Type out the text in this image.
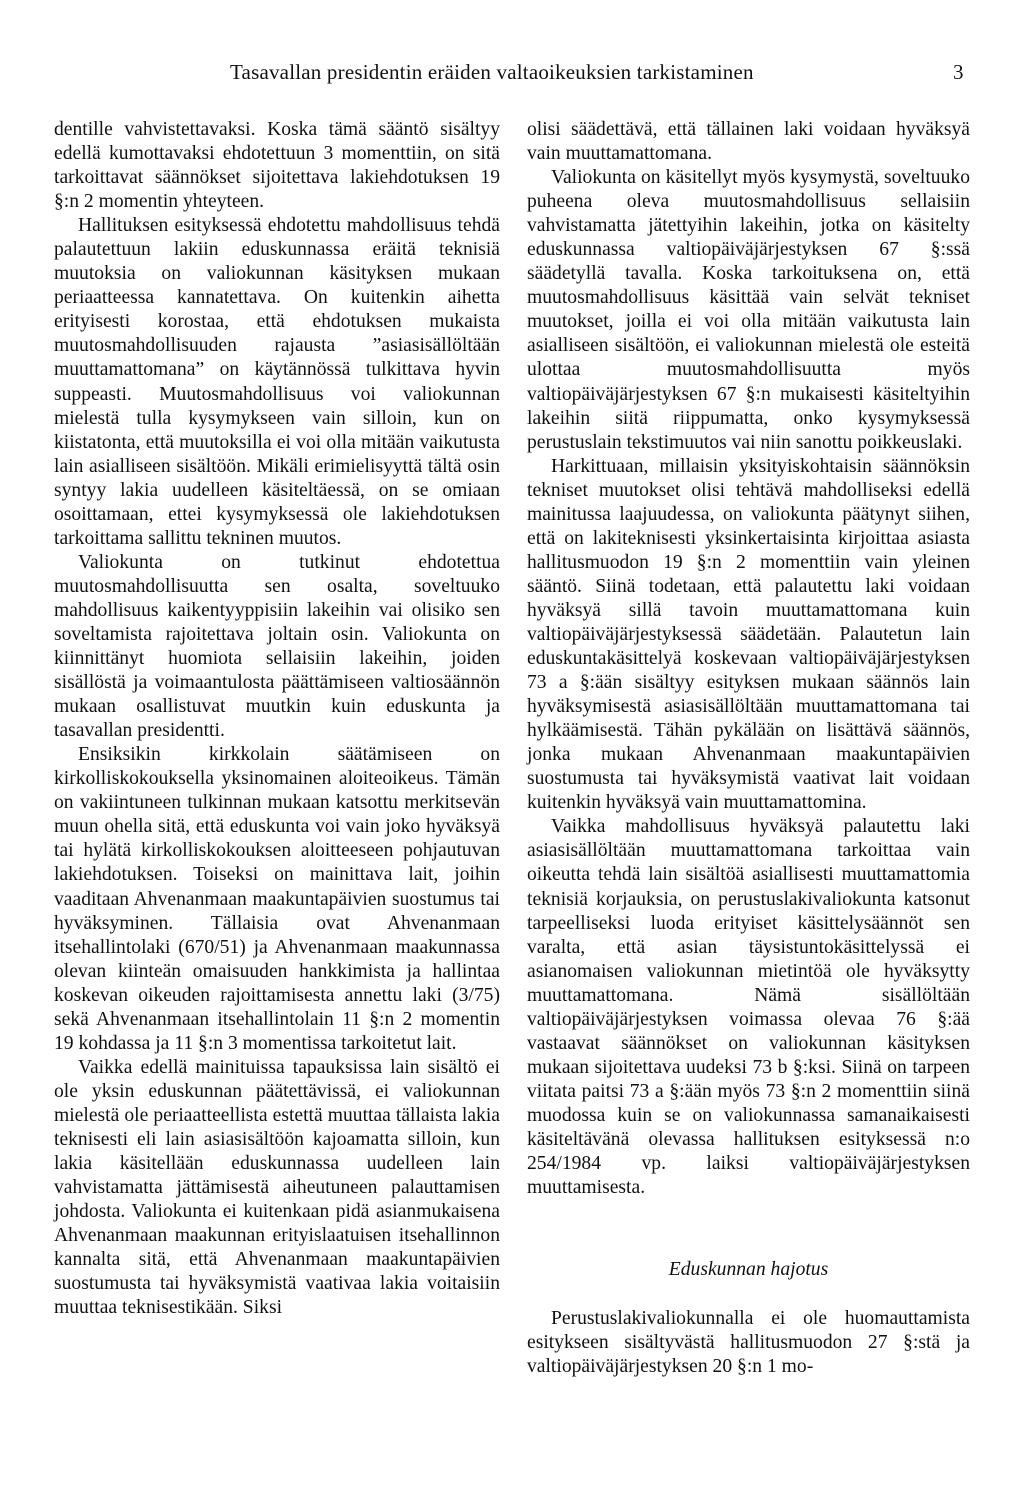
Tasavallan presidentin eräiden valtaoikeuksien tarkistaminen	3

dentille vahvistettavaksi. Koska tämä sääntö sisältyy edellä kumottavaksi ehdotettuun 3 momenttiin, on sitä tarkoittavat säännökset sijoitettava lakiehdotuksen 19 §:n 2 momentin yhteyteen.

Hallituksen esityksessä ehdotettu mahdollisuus tehdä palautettuun lakiin eduskunnassa eräitä teknisiä muutoksia on valiokunnan käsityksen mukaan periaatteessa kannatettava. On kuitenkin aihetta erityisesti korostaa, että ehdotuksen mukaista muutosmahdollisuuden rajausta ”asiasisällöltään muuttamattomana” on käytännössä tulkittava hyvin suppeasti. Muutosmahdollisuus voi valiokunnan mielestä tulla kysymykseen vain silloin, kun on kiistatonta, että muutoksilla ei voi olla mitään vaikutusta lain asialliseen sisältöön. Mikäli erimielisyyttä tältä osin syntyy lakia uudelleen käsiteltäessä, on se omiaan osoittamaan, ettei kysymyksessä ole lakiehdotuksen tarkoittama sallittu tekninen muutos.

Valiokunta on tutkinut ehdotettua muutosmahdollisuutta sen osalta, soveltuuko mahdollisuus kaikentyyppisiin lakeihin vai olisiko sen soveltamista rajoitettava joltain osin. Valiokunta on kiinnittänyt huomiota sellaisiin lakeihin, joiden sisällöstä ja voimaantulosta päättämiseen valtiosäännön mukaan osallistuvat muutkin kuin eduskunta ja tasavallan presidentti.

Ensiksikin kirkkolain säätämiseen on kirkolliskokouksella yksinomainen aloiteoikeus. Tämän on vakiintuneen tulkinnan mukaan katsottu merkitsevän muun ohella sitä, että eduskunta voi vain joko hyväksyä tai hylätä kirkolliskokouksen aloitteeseen pohjautuvan lakiehdotuksen. Toiseksi on mainittava lait, joihin vaaditaan Ahvenanmaan maakuntapäivien suostumus tai hyväksyminen. Tällaisia ovat Ahvenanmaan itsehallintolaki (670/51) ja Ahvenanmaan maakunnassa olevan kiinteän omaisuuden hankkimista ja hallintaa koskevan oikeuden rajoittamisesta annettu laki (3/75) sekä Ahvenanmaan itsehallintolain 11 §:n 2 momentin 19 kohdassa ja 11 §:n 3 momentissa tarkoitetut lait.

Vaikka edellä mainituissa tapauksissa lain sisältö ei ole yksin eduskunnan päätettävissä, ei valiokunnan mielestä ole periaatteellista estettä muuttaa tällaista lakia teknisesti eli lain asiasisältöön kajoamatta silloin, kun lakia käsitellään eduskunnassa uudelleen lain vahvistamatta jättämisestä aiheutuneen palauttamisen johdosta. Valiokunta ei kuitenkaan pidä asianmukaisena Ahvenanmaan maakunnan erityislaatuisen itsehallinnon kannalta sitä, että Ahvenanmaan maakuntapäivien suostumusta tai hyväksymistä vaativaa lakia voitaisiin muuttaa teknisestikään. Siksi

olisi säädettävä, että tällainen laki voidaan hyväksyä vain muuttamattomana.

Valiokunta on käsitellyt myös kysymystä, soveltuuko puheena oleva muutosmahdollisuus sellaisiin vahvistamatta jätettyihin lakeihin, jotka on käsitelty eduskunnassa valtiopäiväjärjestyksen 67 §:ssä säädetyllä tavalla. Koska tarkoituksena on, että muutosmahdollisuus käsittää vain selvät tekniset muutokset, joilla ei voi olla mitään vaikutusta lain asialliseen sisältöön, ei valiokunnan mielestä ole esteitä ulottaa muutosmahdollisuutta myös valtiopäiväjärjestyksen 67 §:n mukaisesti käsiteltyihin lakeihin siitä riippumatta, onko kysymyksessä perustuslain tekstimuutos vai niin sanottu poikkeuslaki.

Harkittuaan, millaisin yksityiskohtaisin säännöksin tekniset muutokset olisi tehtävä mahdolliseksi edellä mainitussa laajuudessa, on valiokunta päätynyt siihen, että on lakiteknisesti yksinkertaisinta kirjoittaa asiasta hallitusmuodon 19 §:n 2 momenttiin vain yleinen sääntö. Siinä todetaan, että palautettu laki voidaan hyväksyä sillä tavoin muuttamattomana kuin valtiopäiväjärjestyksessä säädetään. Palautetun lain eduskuntakäsittelyä koskevaan valtiopäiväjärjestyksen 73 a §:ään sisältyy esityksen mukaan säännös lain hyväksymisestä asiasisällöltään muuttamattomana tai hylkäämisestä. Tähän pykälään on lisättävä säännös, jonka mukaan Ahvenanmaan maakuntapäivien suostumusta tai hyväksymistä vaativat lait voidaan kuitenkin hyväksyä vain muuttamattomina.

Vaikka mahdollisuus hyväksyä palautettu laki asiasisällöltään muuttamattomana tarkoittaa vain oikeutta tehdä lain sisältöä asiallisesti muuttamattomia teknisiä korjauksia, on perustuslakivaliokunta katsonut tarpeelliseksi luoda erityiset käsittelysäännöt sen varalta, että asian täysistuntokäsittelyssä ei asianomaisen valiokunnan mietintöä ole hyväksytty muuttamattomana. Nämä sisällöltään valtiopäiväjärjestyksen voimassa olevaa 76 §:ää vastaavat säännökset on valiokunnan käsityksen mukaan sijoitettava uudeksi 73 b §:ksi. Siinä on tarpeen viitata paitsi 73 a §:ään myös 73 §:n 2 momenttiin siinä muodossa kuin se on valiokunnassa samanaikaisesti käsiteltävänä olevassa hallituksen esityksessä n:o 254/1984 vp. laiksi valtiopäiväjärjestyksen muuttamisesta.

Eduskunnan hajotus

Perustuslakivaliokunnalla ei ole huomauttamista esitykseen sisältyvästä hallitusmuodon 27 §:stä ja valtiopäiväjärjestyksen 20 §:n 1 mo-
